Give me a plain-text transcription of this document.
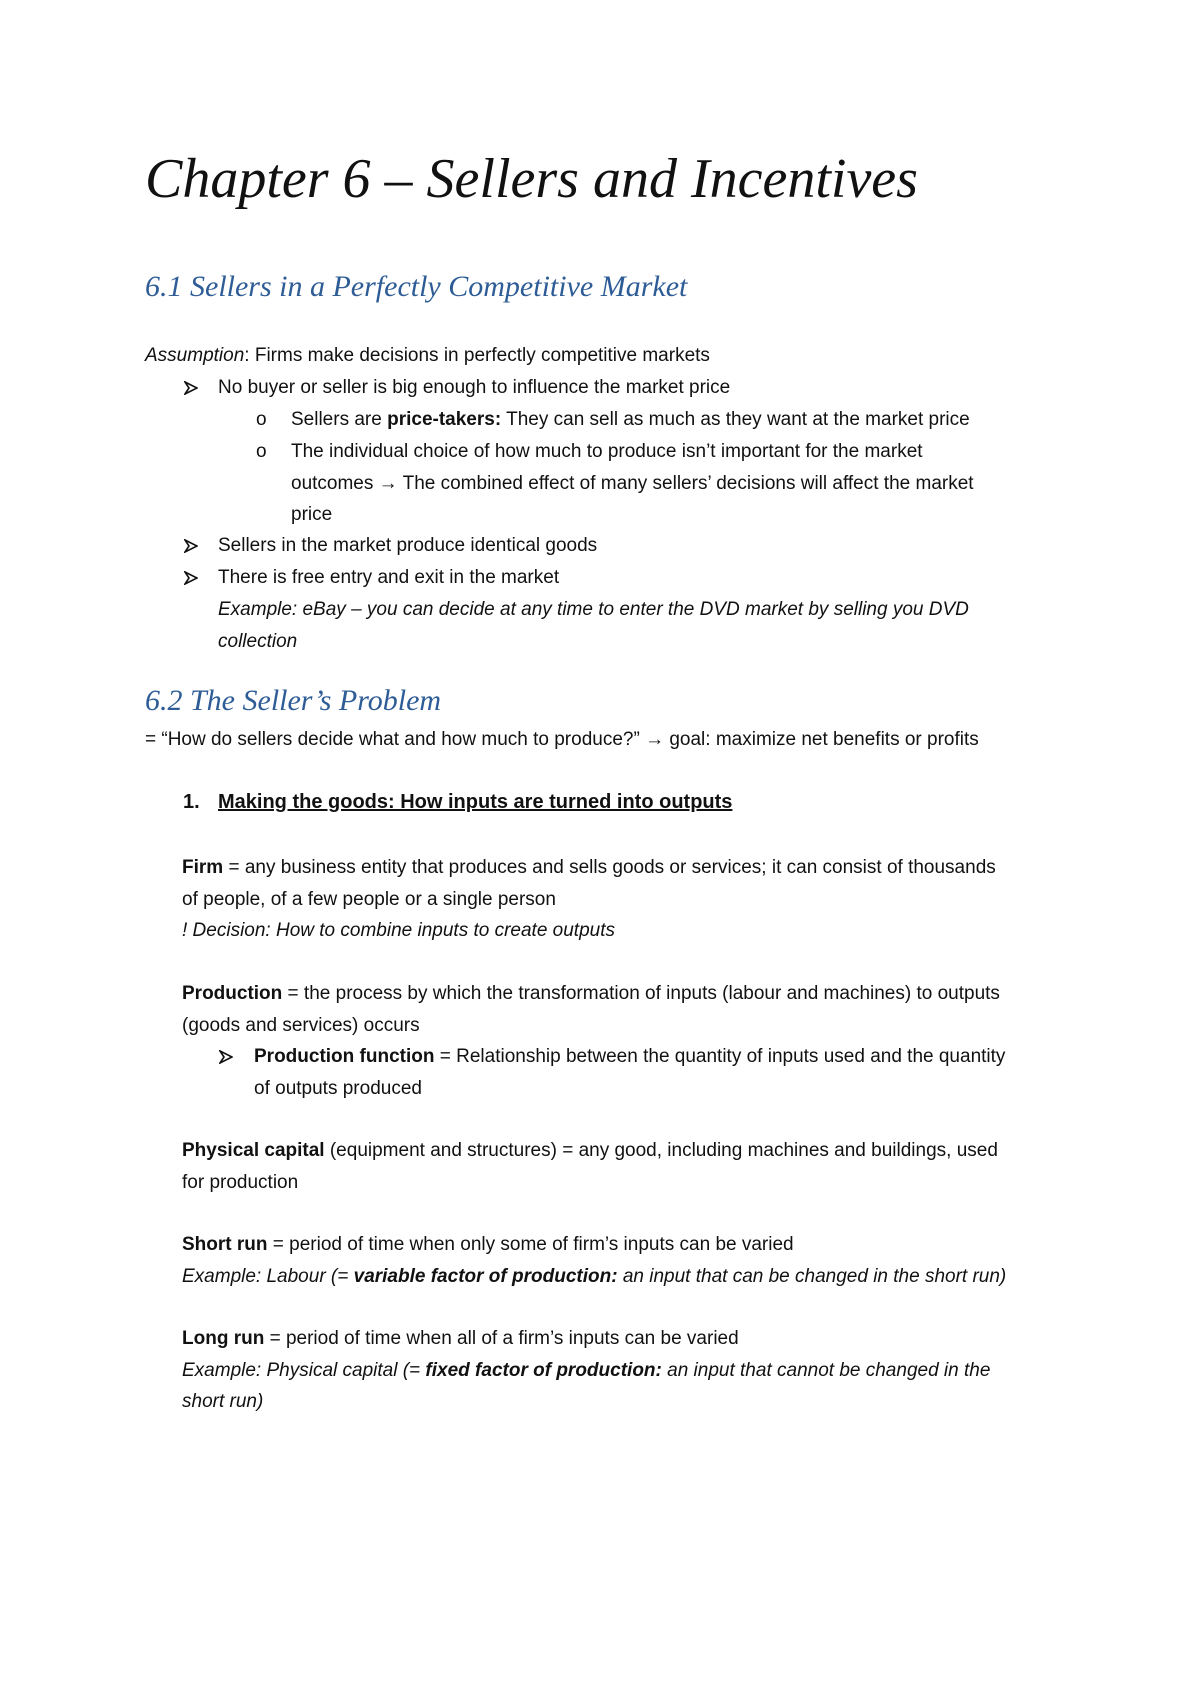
Chapter 6 – Sellers and Incentives
6.1 Sellers in a Perfectly Competitive Market
Assumption: Firms make decisions in perfectly competitive markets
No buyer or seller is big enough to influence the market price
o Sellers are price-takers: They can sell as much as they want at the market price
o The individual choice of how much to produce isn’t important for the market
outcomes → The combined effect of many sellers’ decisions will affect the market
price
Sellers in the market produce identical goods
There is free entry and exit in the market
Example: eBay – you can decide at any time to enter the DVD market by selling you DVD
collection
6.2 The Seller’s Problem
= “How do sellers decide what and how much to produce?” → goal: maximize net benefits or profits
1. Making the goods: How inputs are turned into outputs
Firm = any business entity that produces and sells goods or services; it can consist of thousands
of people, of a few people or a single person
! Decision: How to combine inputs to create outputs
Production = the process by which the transformation of inputs (labour and machines) to outputs
(goods and services) occurs
Production function = Relationship between the quantity of inputs used and the quantity
of outputs produced
Physical capital (equipment and structures) = any good, including machines and buildings, used
for production
Short run = period of time when only some of firm’s inputs can be varied
Example: Labour (= variable factor of production: an input that can be changed in the short run)
Long run = period of time when all of a firm’s inputs can be varied
Example: Physical capital (= fixed factor of production: an input that cannot be changed in the
short run)
